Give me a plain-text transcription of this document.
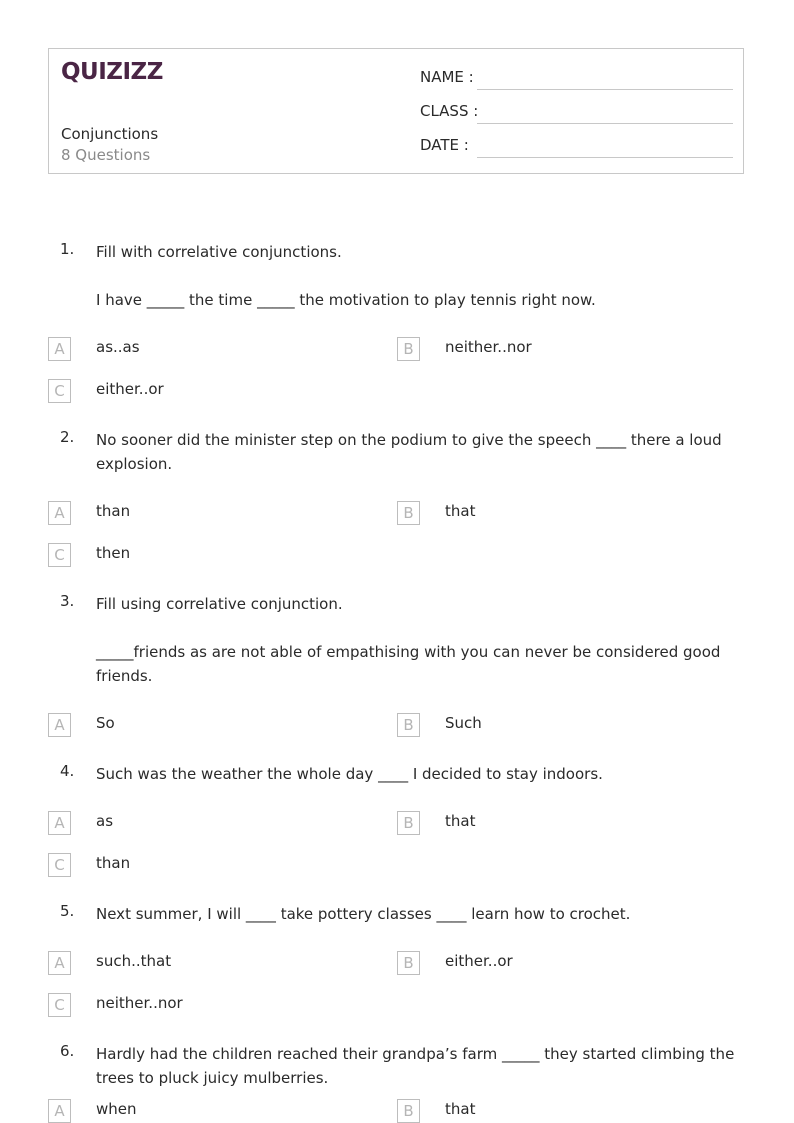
QUIZIZZ
Conjunctions
8 Questions
NAME :
CLASS :
DATE :
1. Fill with correlative conjunctions.

I have _____ the time _____ the motivation to play tennis right now.

A	as..as	B	neither..nor
C	either..or
2. No sooner did the minister step on the podium to give the speech ____ there a loud explosion.

A	than	B	that
C	then
3. Fill using correlative conjunction.

_____friends as are not able of empathising with you can never be considered good friends.

A	So	B	Such
4. Such was the weather the whole day ____ I decided to stay indoors.

A	as	B	that
C	than
5. Next summer, I will ____ take pottery classes ____ learn how to crochet.

A	such..that	B	either..or
C	neither..nor
6. Hardly had the children reached their grandpa’s farm _____ they started climbing the trees to pluck juicy mulberries.

A	when	B	that
